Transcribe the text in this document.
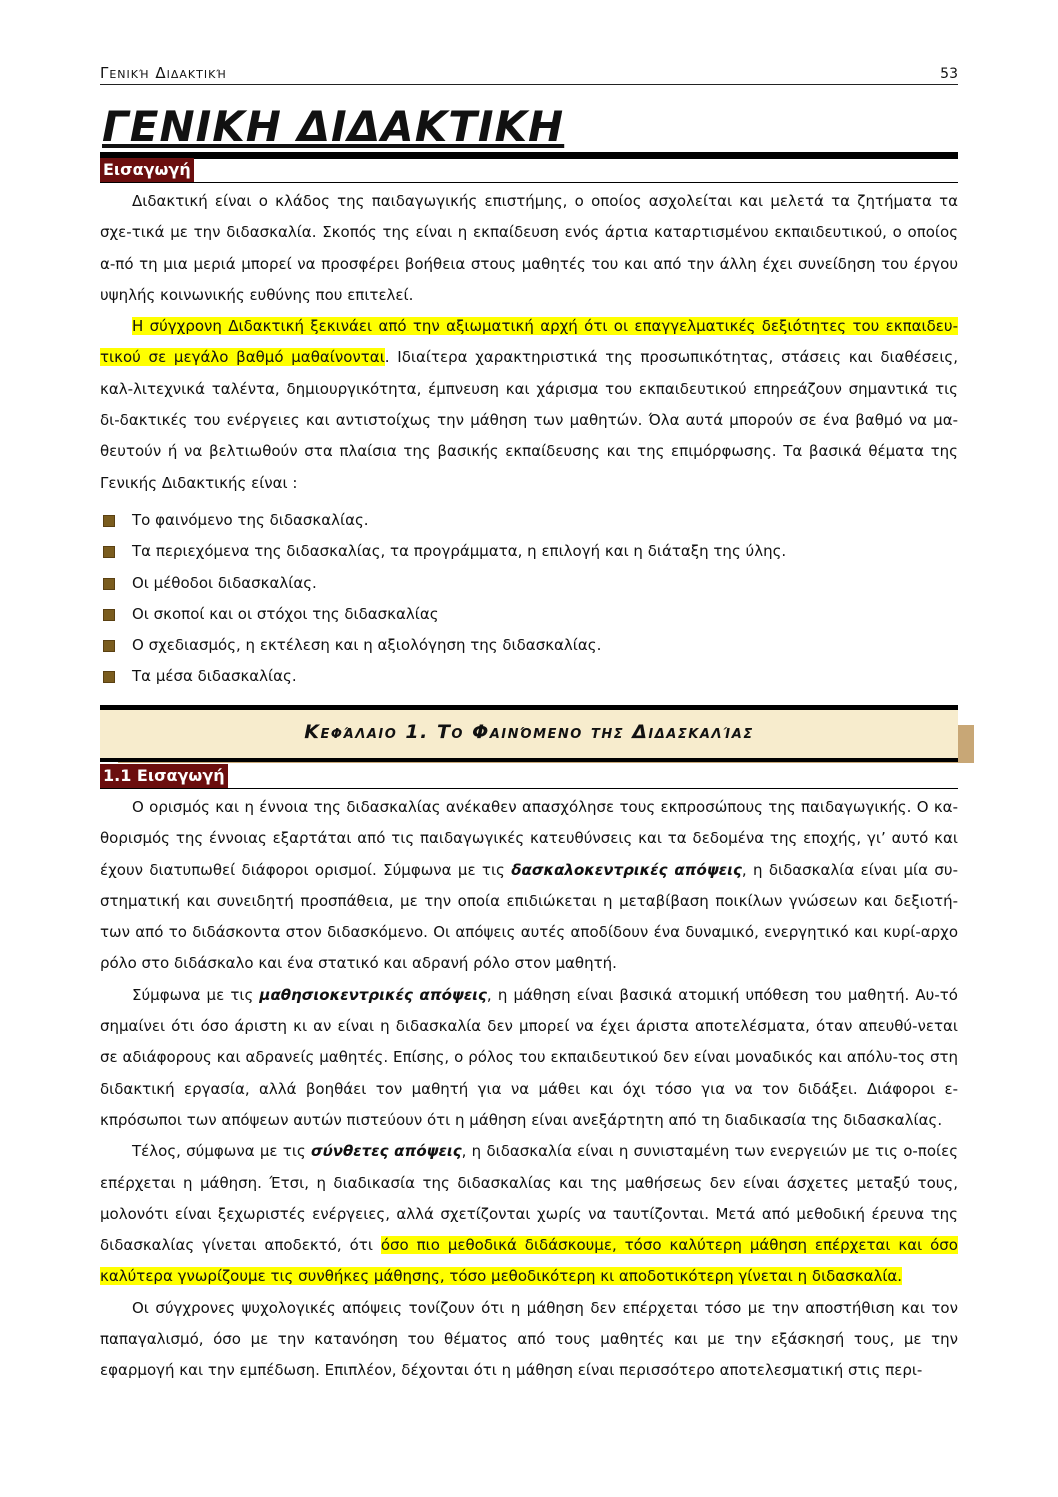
Γενική Διδακτική	53
ΓΕΝΙΚΗ ΔΙΔΑΚΤΙΚΗ
Εισαγωγή

Διδακτική είναι ο κλάδος της παιδαγωγικής επιστήμης, ο οποίος ασχολείται και μελετά τα ζητήματα τα σχε-τικά με την διδασκαλία. Σκοπός της είναι η εκπαίδευση ενός άρτια καταρτισμένου εκπαιδευτικού, ο οποίος α-πό τη μια μεριά μπορεί να προσφέρει βοήθεια στους μαθητές του και από την άλλη έχει συνείδηση του έργου υψηλής κοινωνικής ευθύνης που επιτελεί.

Η σύγχρονη Διδακτική ξεκινάει από την αξιωματική αρχή ότι οι επαγγελματικές δεξιότητες του εκπαιδευ-τικού σε μεγάλο βαθμό μαθαίνονται. Ιδιαίτερα χαρακτηριστικά της προσωπικότητας, στάσεις και διαθέσεις, καλ-λιτεχνικά ταλέντα, δημιουργικότητα, έμπνευση και χάρισμα του εκπαιδευτικού επηρεάζουν σημαντικά τις δι-δακτικές του ενέργειες και αντιστοίχως την μάθηση των μαθητών. Όλα αυτά μπορούν σε ένα βαθμό να μα-θευτούν ή να βελτιωθούν στα πλαίσια της βασικής εκπαίδευσης και της επιμόρφωσης. Τα βασικά θέματα της Γενικής Διδακτικής είναι :

Το φαινόμενο της διδασκαλίας.
Τα περιεχόμενα της διδασκαλίας, τα προγράμματα, η επιλογή και η διάταξη της ύλης.
Οι μέθοδοι διδασκαλίας.
Οι σκοποί και οι στόχοι της διδασκαλίας
Ο σχεδιασμός, η εκτέλεση και η αξιολόγηση της διδασκαλίας.
Τα μέσα διδασκαλίας.
Κεφάλαιο 1. Το Φαινόμενο της Διδασκαλίας
1.1 Εισαγωγή

Ο ορισμός και η έννοια της διδασκαλίας ανέκαθεν απασχόλησε τους εκπροσώπους της παιδαγωγικής. Ο κα-θορισμός της έννοιας εξαρτάται από τις παιδαγωγικές κατευθύνσεις και τα δεδομένα της εποχής, γι’ αυτό και έχουν διατυπωθεί διάφοροι ορισμοί. Σύμφωνα με τις δασκαλοκεντρικές απόψεις, η διδασκαλία είναι μία συ-στηματική και συνειδητή προσπάθεια, με την οποία επιδιώκεται η μεταβίβαση ποικίλων γνώσεων και δεξιοτή-των από το διδάσκοντα στον διδασκόμενο. Οι απόψεις αυτές αποδίδουν ένα δυναμικό, ενεργητικό και κυρί-αρχο ρόλο στο διδάσκαλο και ένα στατικό και αδρανή ρόλο στον μαθητή.

Σύμφωνα με τις μαθησιοκεντρικές απόψεις, η μάθηση είναι βασικά ατομική υπόθεση του μαθητή. Αυ-τό σημαίνει ότι όσο άριστη κι αν είναι η διδασκαλία δεν μπορεί να έχει άριστα αποτελέσματα, όταν απευθύ-νεται σε αδιάφορους και αδρανείς μαθητές. Επίσης, ο ρόλος του εκπαιδευτικού δεν είναι μοναδικός και απόλυ-τος στη διδακτική εργασία, αλλά βοηθάει τον μαθητή για να μάθει και όχι τόσο για να τον διδάξει. Διάφοροι ε-κπρόσωποι των απόψεων αυτών πιστεύουν ότι η μάθηση είναι ανεξάρτητη από τη διαδικασία της διδασκαλίας.

Τέλος, σύμφωνα με τις σύνθετες απόψεις, η διδασκαλία είναι η συνισταμένη των ενεργειών με τις ο-ποίες επέρχεται η μάθηση. Έτσι, η διαδικασία της διδασκαλίας και της μαθήσεως δεν είναι άσχετες μεταξύ τους, μολονότι είναι ξεχωριστές ενέργειες, αλλά σχετίζονται χωρίς να ταυτίζονται. Μετά από μεθοδική έρευνα της διδασκαλίας γίνεται αποδεκτό, ότι όσο πιο μεθοδικά διδάσκουμε, τόσο καλύτερη μάθηση επέρχεται και όσο καλύτερα γνωρίζουμε τις συνθήκες μάθησης, τόσο μεθοδικότερη κι αποδοτικότερη γίνεται η διδασκαλία.

Οι σύγχρονες ψυχολογικές απόψεις τονίζουν ότι η μάθηση δεν επέρχεται τόσο με την αποστήθιση και τον παπαγαλισμό, όσο με την κατανόηση του θέματος από τους μαθητές και με την εξάσκησή τους, με την εφαρμογή και την εμπέδωση. Επιπλέον, δέχονται ότι η μάθηση είναι περισσότερο αποτελεσματική στις περι-
